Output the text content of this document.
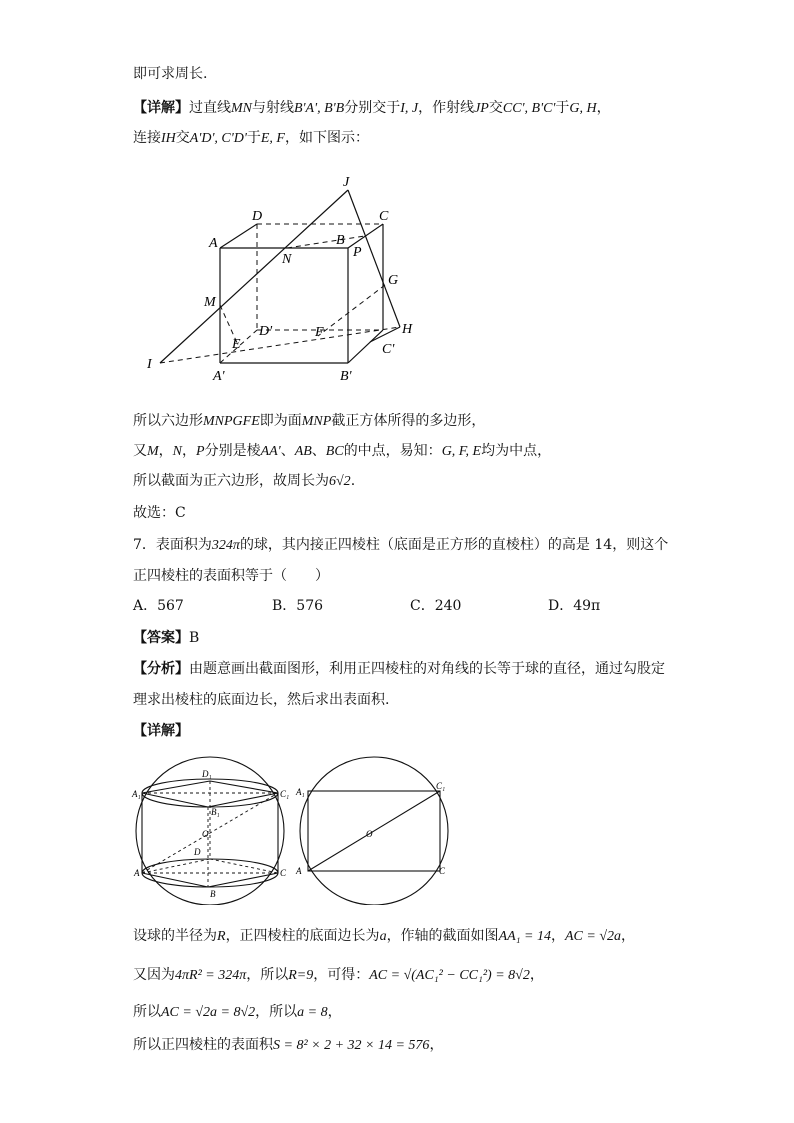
即可求周长.
【详解】过直线MN与射线B'A', B'B分别交于I, J，作射线JP交CC', B'C'于G, H，
连接IH交A'D', C'D'于E, F，如下图示：
J
D	C
A	B
P
N
G
M
D'	F	H
E	C'
I
A'	B'
所以六边形MNPGFE即为面MNP截正方体所得的多边形，
又M，N，P分别是棱AA'、AB、BC的中点，易知：G, F, E均为中点，
所以截面为正六边形，故周长为6√2.
故选：C
7．表面积为324π的球，其内接正四棱柱（底面是正方形的直棱柱）的高是 14，则这个
正四棱柱的表面积等于（　　）
A．567	B．576	C．240	D．49π
【答案】B
【分析】由题意画出截面图形，利用正四棱柱的对角线的长等于球的直径，通过勾股定
理求出棱柱的底面边长，然后求出表面积.
【详解】
D₁
A₁	C₁
B₁
O
D
A	C
B
A₁
C₁
O
A	C
设球的半径为R，正四棱柱的底面边长为a，作轴的截面如图AA₁ = 14，AC = √2a，
又因为4πR² = 324π，所以R=9，可得：AC = √(AC₁² − CC₁²) = 8√2，
所以AC = √2a = 8√2，所以a = 8，
所以正四棱柱的表面积S = 8² × 2 + 32 × 14 = 576，
